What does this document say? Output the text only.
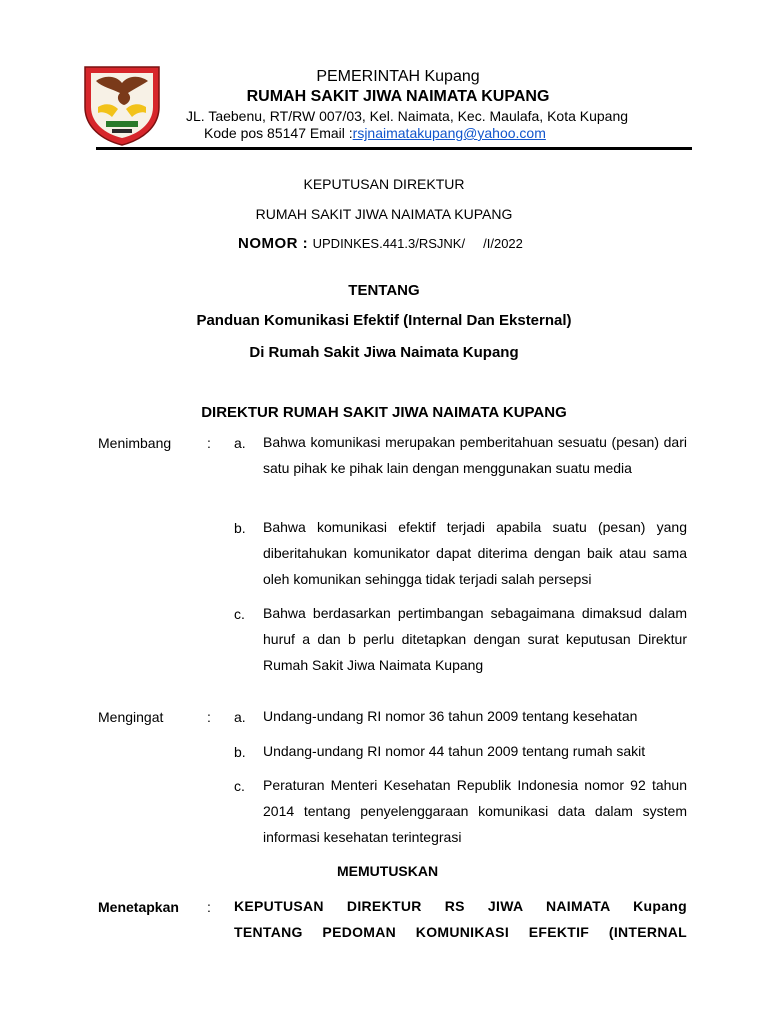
PEMERINTAH Kupang
RUMAH SAKIT JIWA NAIMATA KUPANG
JL. Taebenu, RT/RW 007/03, Kel. Naimata, Kec. Maulafa, Kota Kupang
Kode pos 85147 Email :rsjnaimatakupang@yahoo.com
KEPUTUSAN DIREKTUR
RUMAH SAKIT JIWA NAIMATA KUPANG
NOMOR : UPDINKES.441.3/RSJNK/     /I/2022
TENTANG
Panduan Komunikasi Efektif (Internal Dan Eksternal)
Di Rumah Sakit Jiwa Naimata Kupang
DIREKTUR RUMAH SAKIT JIWA NAIMATA KUPANG
Menimbang	: a. Bahwa komunikasi merupakan pemberitahuan sesuatu (pesan) dari satu pihak ke pihak lain dengan menggunakan suatu media
b. Bahwa komunikasi efektif terjadi apabila suatu (pesan) yang diberitahukan komunikator dapat diterima dengan baik atau sama oleh komunikan sehingga tidak terjadi salah persepsi
c. Bahwa berdasarkan pertimbangan sebagaimana dimaksud dalam huruf a dan b perlu ditetapkan dengan surat keputusan Direktur Rumah Sakit Jiwa Naimata Kupang
Mengingat	: a. Undang-undang RI nomor 36 tahun 2009 tentang kesehatan
b. Undang-undang RI nomor 44 tahun 2009 tentang rumah sakit
c. Peraturan Menteri Kesehatan Republik Indonesia nomor 92 tahun 2014 tentang penyelenggaraan komunikasi data dalam system informasi kesehatan terintegrasi
MEMUTUSKAN
Menetapkan : KEPUTUSAN DIREKTUR RS JIWA NAIMATA Kupang
TENTANG PEDOMAN KOMUNIKASI EFEKTIF (INTERNAL
